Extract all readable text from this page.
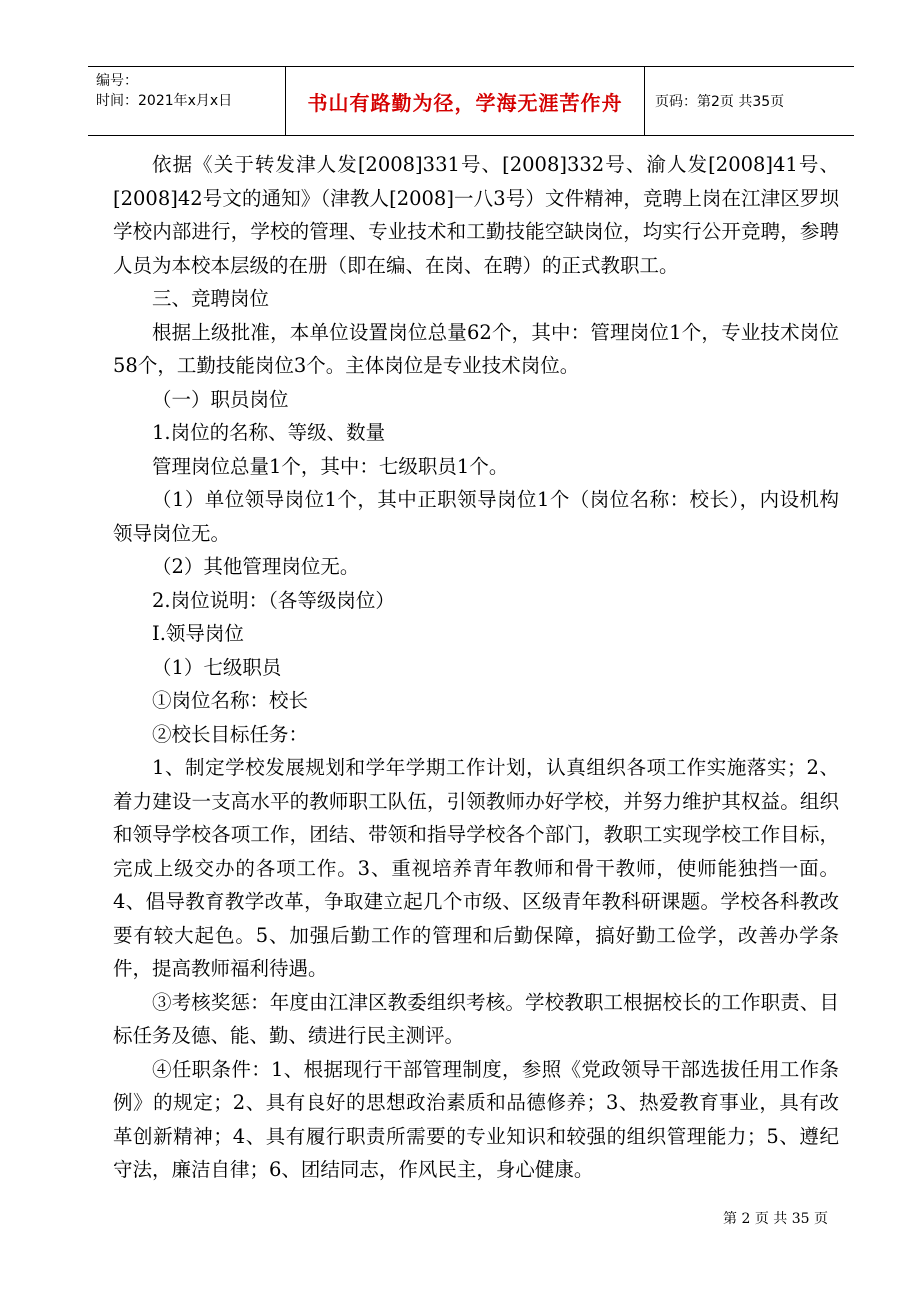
编号：
时间：2021年x月x日	书山有路勤为径，学海无涯苦作舟	页码：第2页 共35页

依据《关于转发津人发[2008]331号、[2008]332号、渝人发[2008]41号、[2008]42号文的通知》（津教人[2008]一八3号）文件精神，竞聘上岗在江津区罗坝学校内部进行，学校的管理、专业技术和工勤技能空缺岗位，均实行公开竞聘，参聘人员为本校本层级的在册（即在编、在岗、在聘）的正式教职工。

三、竞聘岗位

根据上级批准，本单位设置岗位总量62个，其中：管理岗位1个，专业技术岗位58个，工勤技能岗位3个。主体岗位是专业技术岗位。

（一）职员岗位

1.岗位的名称、等级、数量

管理岗位总量1个，其中：七级职员1个。

（1）单位领导岗位1个，其中正职领导岗位1个（岗位名称：校长），内设机构领导岗位无。

（2）其他管理岗位无。

2.岗位说明：（各等级岗位）

Ⅰ.领导岗位

（1）七级职员

①岗位名称：校长

②校长目标任务：

1、制定学校发展规划和学年学期工作计划，认真组织各项工作实施落实；2、着力建设一支高水平的教师职工队伍，引领教师办好学校，并努力维护其权益。组织和领导学校各项工作，团结、带领和指导学校各个部门，教职工实现学校工作目标，完成上级交办的各项工作。3、重视培养青年教师和骨干教师，使师能独挡一面。4、倡导教育教学改革，争取建立起几个市级、区级青年教科研课题。学校各科教改要有较大起色。5、加强后勤工作的管理和后勤保障，搞好勤工俭学，改善办学条件，提高教师福利待遇。

③考核奖惩：年度由江津区教委组织考核。学校教职工根据校长的工作职责、目标任务及德、能、勤、绩进行民主测评。

④任职条件：1、根据现行干部管理制度，参照《党政领导干部选拔任用工作条例》的规定；2、具有良好的思想政治素质和品德修养；3、热爱教育事业，具有改革创新精神；4、具有履行职责所需要的专业知识和较强的组织管理能力；5、遵纪守法，廉洁自律；6、团结同志，作风民主，身心健康。

第 2 页 共 35 页
